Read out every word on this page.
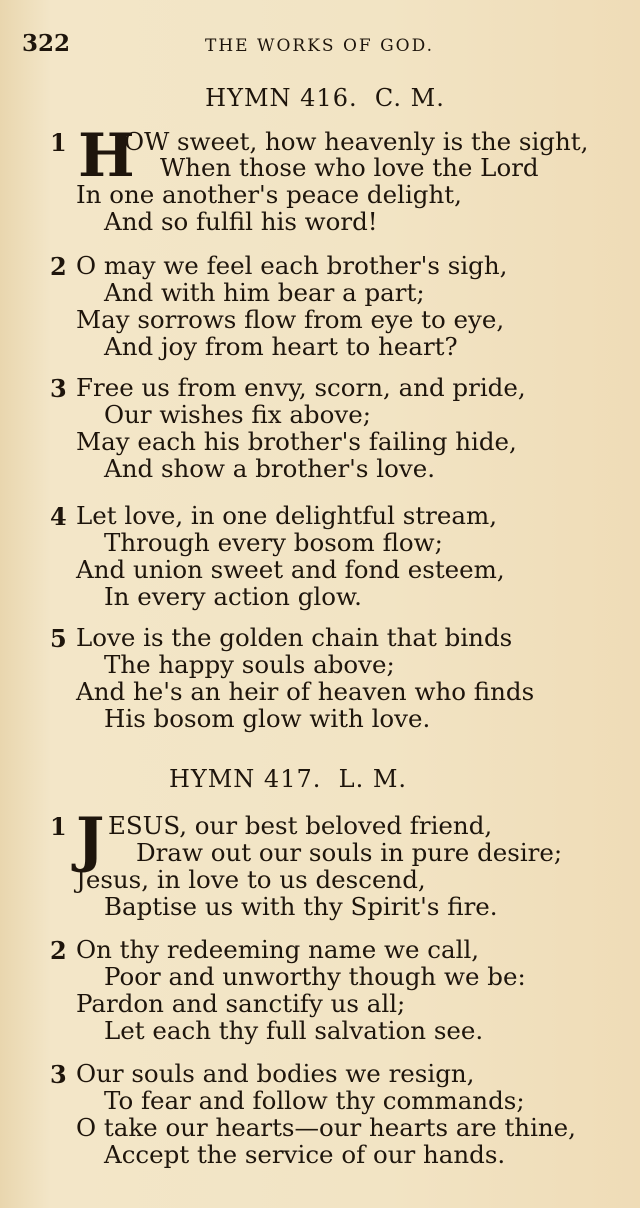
322	THE WORKS OF GOD.
HYMN 416. C. M.
1 H
OW sweet, how heavenly is the sight,
When those who love the Lord
In one another's peace delight,
And so fulfil his word!
2 O may we feel each brother's sigh,
And with him bear a part;
May sorrows flow from eye to eye,
And joy from heart to heart?
3 Free us from envy, scorn, and pride,
Our wishes fix above;
May each his brother's failing hide,
And show a brother's love.
4 Let love, in one delightful stream,
Through every bosom flow;
And union sweet and fond esteem,
In every action glow.
5 Love is the golden chain that binds
The happy souls above;
And he's an heir of heaven who finds
His bosom glow with love.
HYMN 417. L. M.
1 J ESUS, our best beloved friend,
Draw out our souls in pure desire;
Jesus, in love to us descend,
Baptise us with thy Spirit's fire.
2 On thy redeeming name we call,
Poor and unworthy though we be:
Pardon and sanctify us all;
Let each thy full salvation see.
3 Our souls and bodies we resign,
To fear and follow thy commands;
O take our hearts—our hearts are thine,
Accept the service of our hands.
